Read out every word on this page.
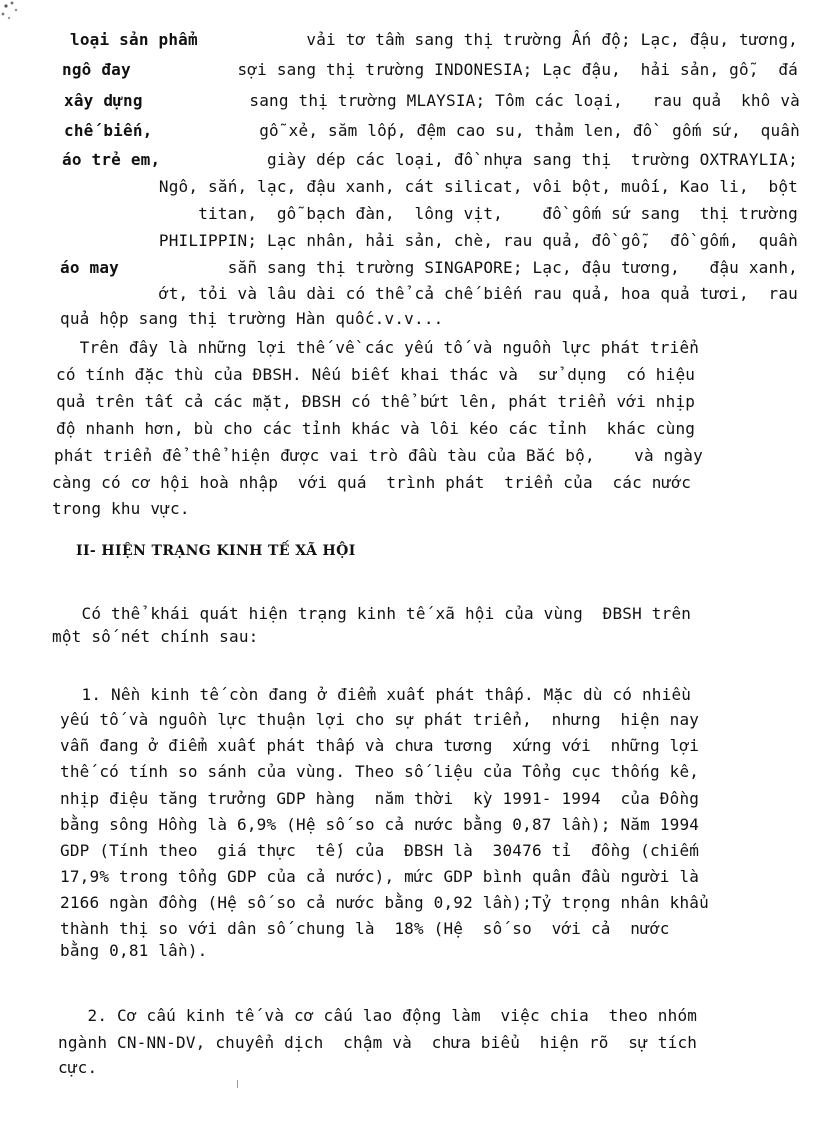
loại sản phẩm	vải tơ tầm sang thị trường Ấn độ; Lạc, đậu, tương,
ngô đay	sợi sang thị trường INDONESIA; Lạc đậu,  hải sản, gỗ,  đá
xây dựng	sang thị trường MLAYSIA; Tôm các loại,   rau quả  khô và
chế biến,	gỗ xẻ, săm lốp, đệm cao su, thảm len, đồ  gốm sứ,  quần
áo trẻ em,	giày dép các loại, đồ nhựa sang thị  trường OXTRAYLIA;
Ngô, sắn, lạc, đậu xanh, cát silicat, vôi bột, muối, Kao li,  bột
titan,  gỗ bạch đàn,  lông vịt,    đồ gốm sứ sang  thị trường
PHILIPPIN; Lạc nhân, hải sản, chè, rau quả, đồ gỗ,  đồ gốm,  quần
áo may	sẵn sang thị trường SINGAPORE; Lạc, đậu tương,   đậu xanh,
ớt, tỏi và lâu dài có thể cả chế biến rau quả, hoa quả tươi,  rau
quả hộp sang thị trường Hàn quốc.v.v...
Trên đây là những lợi thế về các yếu tố và nguồn lực phát triển
có tính đặc thù của ĐBSH. Nếu biết khai thác và  sử dụng  có hiệu
quả trên tất cả các mặt, ĐBSH có thể bứt lên, phát triển với nhịp
độ nhanh hơn, bù cho các tỉnh khác và lôi kéo các tỉnh  khác cùng
phát triển để thể hiện được vai trò đầu tàu của Bắc bộ,    và ngày
càng có cơ hội hoà nhập  với quá  trình phát  triển của  các nước
trong khu vực.
II- HIỆN TRẠNG KINH TẾ XÃ HỘI
Có thể khái quát hiện trạng kinh tế xã hội của vùng  ĐBSH trên
một số nét chính sau:
1. Nền kinh tế còn đang ở điểm xuất phát thấp. Mặc dù có nhiều
yếu tố và nguồn lực thuận lợi cho sự phát triển,  nhưng  hiện nay
vẫn đang ở điểm xuất phát thấp và chưa tương  xứng với  những lợi
thế có tính so sánh của vùng. Theo số liệu của Tổng cục thống kê,
nhịp điệu tăng trưởng GDP hàng  năm thời  kỳ 1991- 1994  của Đồng
bằng sông Hồng là 6,9% (Hệ số so cả nước bằng 0,87 lần); Năm 1994
GDP (Tính theo  giá thực  tế) của  ĐBSH là  30476 tỉ  đồng (chiếm
17,9% trong tổng GDP của cả nước), mức GDP bình quân đầu người là
2166 ngàn đồng (Hệ số so cả nước bằng 0,92 lần);Tỷ trọng nhân khẩu
thành thị so với dân số chung là  18% (Hệ  số so  với cả  nước
bằng 0,81 lần).
2. Cơ cấu kinh tế và cơ cấu lao động làm  việc chia  theo nhóm
ngành CN-NN-DV, chuyển dịch  chậm và  chưa biểu  hiện rõ  sự tích
cực.
